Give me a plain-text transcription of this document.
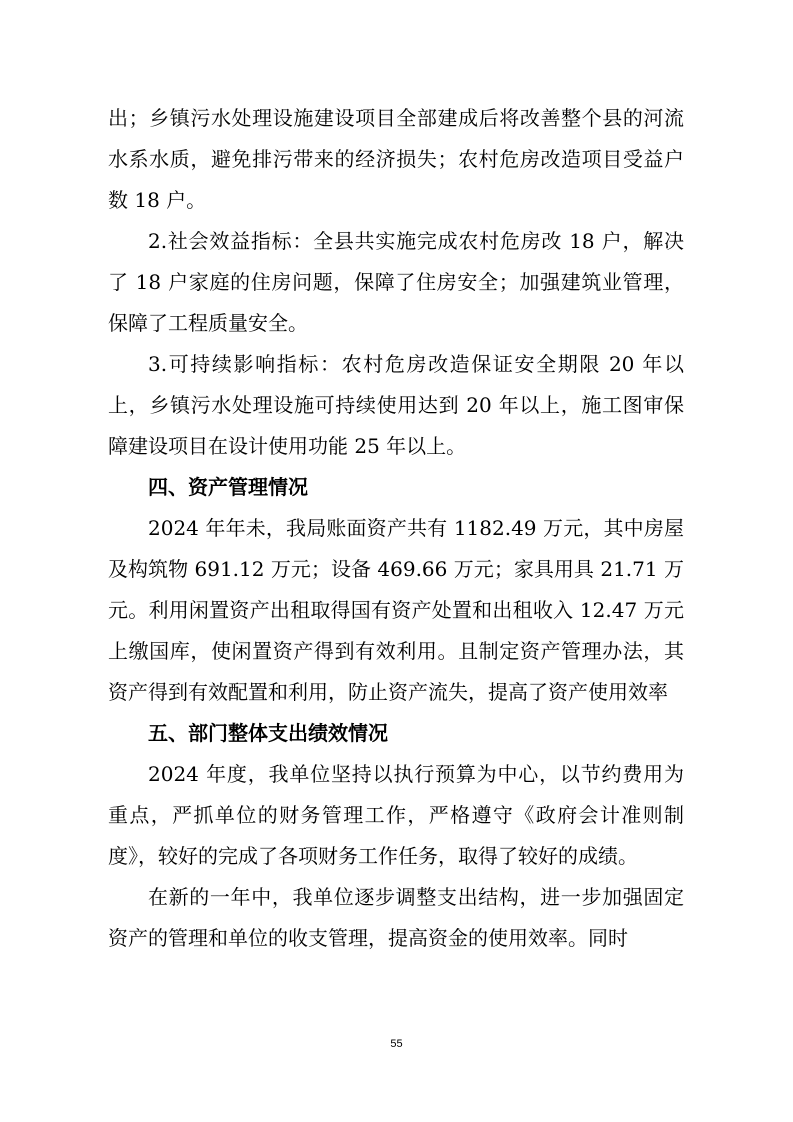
出；乡镇污水处理设施建设项目全部建成后将改善整个县的河流水系水质，避免排污带来的经济损失；农村危房改造项目受益户数 18 户。

2.社会效益指标：全县共实施完成农村危房改 18 户，解决了 18 户家庭的住房问题，保障了住房安全；加强建筑业管理，保障了工程质量安全。

3.可持续影响指标：农村危房改造保证安全期限 20 年以上，乡镇污水处理设施可持续使用达到 20 年以上，施工图审保障建设项目在设计使用功能 25 年以上。

四、资产管理情况

2024 年年未，我局账面资产共有 1182.49 万元，其中房屋及构筑物 691.12 万元；设备 469.66 万元；家具用具 21.71 万元。利用闲置资产出租取得国有资产处置和出租收入 12.47 万元上缴国库，使闲置资产得到有效利用。且制定资产管理办法，其资产得到有效配置和利用，防止资产流失，提高了资产使用效率

五、部门整体支出绩效情况

2024 年度，我单位坚持以执行预算为中心，以节约费用为重点，严抓单位的财务管理工作，严格遵守《政府会计准则制度》，较好的完成了各项财务工作任务，取得了较好的成绩。

在新的一年中，我单位逐步调整支出结构，进一步加强固定资产的管理和单位的收支管理，提高资金的使用效率。同时

55
